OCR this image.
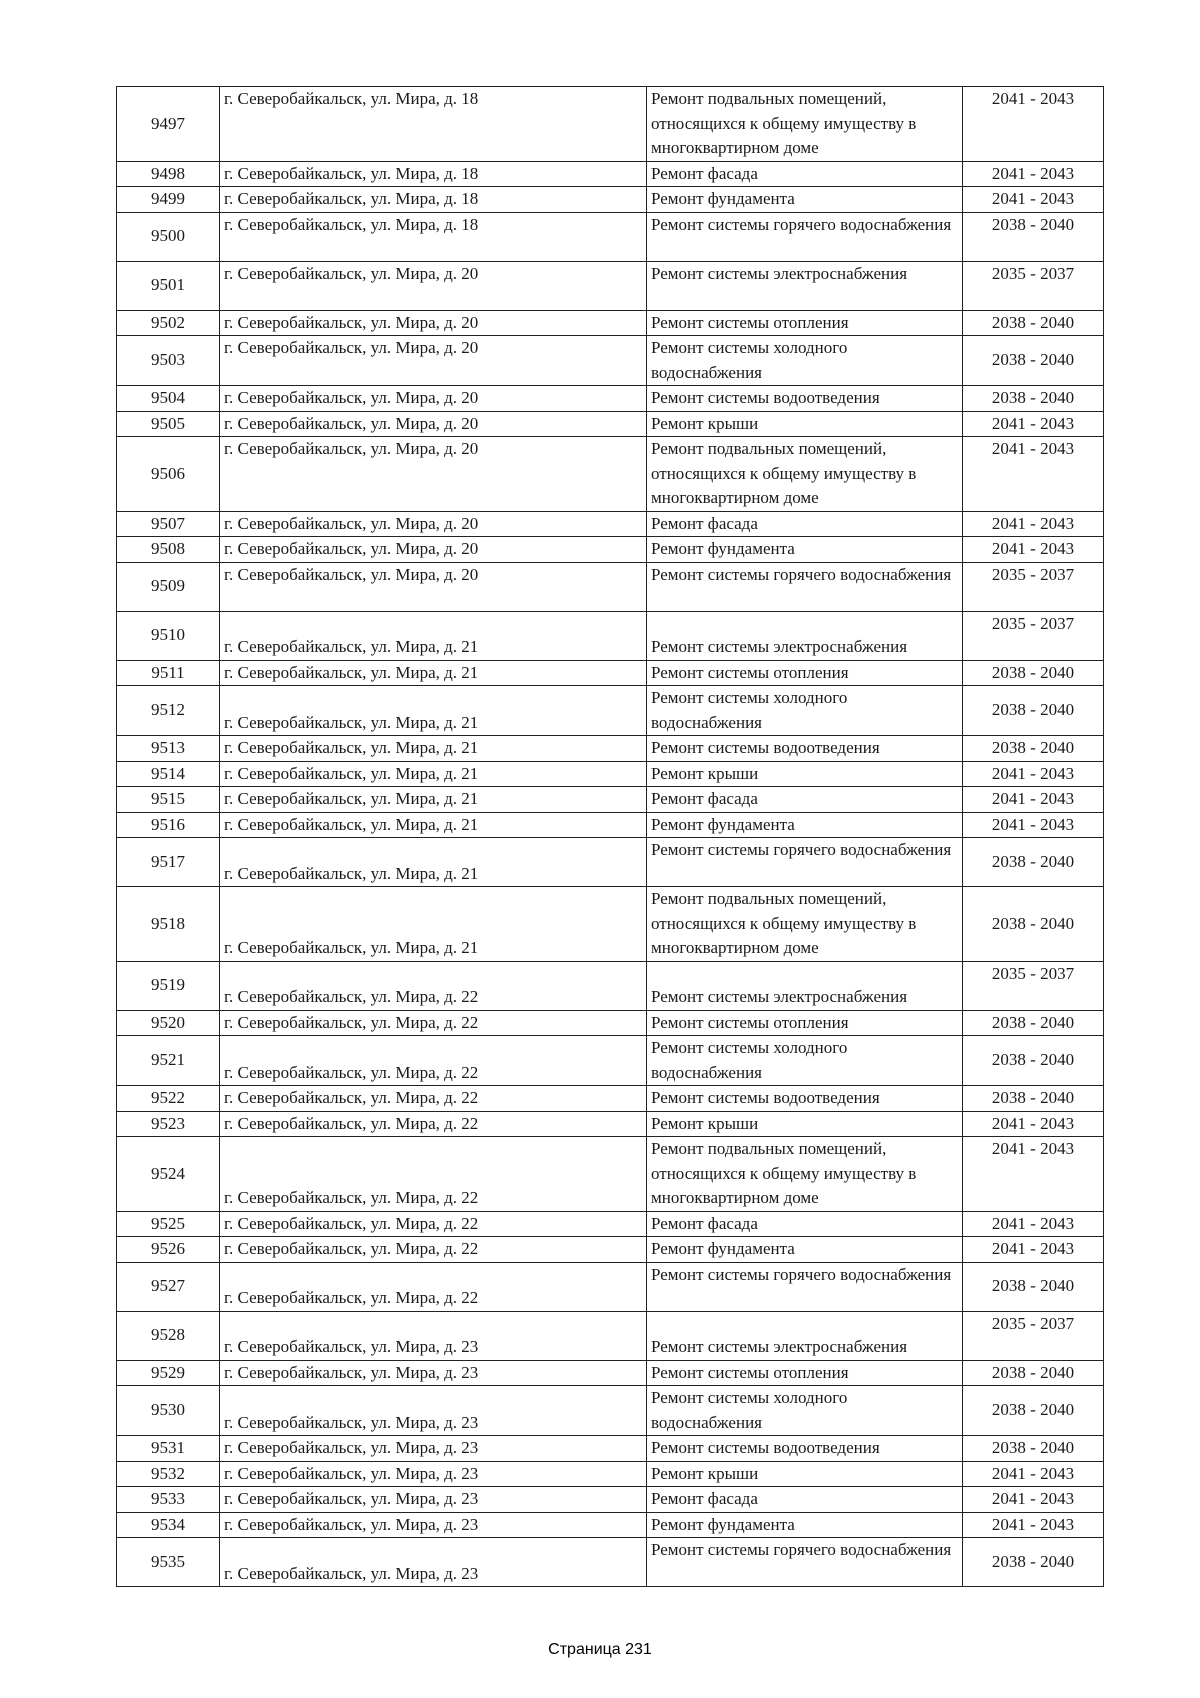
9497	г. Северобайкальск, ул. Мира, д. 18	Ремонт подвальных помещений, относящихся к общему имуществу в многоквартирном доме	2041 - 2043
9498	г. Северобайкальск, ул. Мира, д. 18	Ремонт фасада	2041 - 2043
9499	г. Северобайкальск, ул. Мира, д. 18	Ремонт фундамента	2041 - 2043
9500	г. Северобайкальск, ул. Мира, д. 18	Ремонт системы горячего водоснабжения	2038 - 2040
9501	г. Северобайкальск, ул. Мира, д. 20	Ремонт системы электроснабжения	2035 - 2037
9502	г. Северобайкальск, ул. Мира, д. 20	Ремонт системы отопления	2038 - 2040
9503	г. Северобайкальск, ул. Мира, д. 20	Ремонт системы холодного водоснабжения	2038 - 2040
9504	г. Северобайкальск, ул. Мира, д. 20	Ремонт системы водоотведения	2038 - 2040
9505	г. Северобайкальск, ул. Мира, д. 20	Ремонт крыши	2041 - 2043
9506	г. Северобайкальск, ул. Мира, д. 20	Ремонт подвальных помещений, относящихся к общему имуществу в многоквартирном доме	2041 - 2043
9507	г. Северобайкальск, ул. Мира, д. 20	Ремонт фасада	2041 - 2043
9508	г. Северобайкальск, ул. Мира, д. 20	Ремонт фундамента	2041 - 2043
9509	г. Северобайкальск, ул. Мира, д. 20	Ремонт системы горячего водоснабжения	2035 - 2037
9510	г. Северобайкальск, ул. Мира, д. 21	Ремонт системы электроснабжения	2035 - 2037
9511	г. Северобайкальск, ул. Мира, д. 21	Ремонт системы отопления	2038 - 2040
9512	г. Северобайкальск, ул. Мира, д. 21	Ремонт системы холодного водоснабжения	2038 - 2040
9513	г. Северобайкальск, ул. Мира, д. 21	Ремонт системы водоотведения	2038 - 2040
9514	г. Северобайкальск, ул. Мира, д. 21	Ремонт крыши	2041 - 2043
9515	г. Северобайкальск, ул. Мира, д. 21	Ремонт фасада	2041 - 2043
9516	г. Северобайкальск, ул. Мира, д. 21	Ремонт фундамента	2041 - 2043
9517	г. Северобайкальск, ул. Мира, д. 21	Ремонт системы горячего водоснабжения	2038 - 2040
9518	г. Северобайкальск, ул. Мира, д. 21	Ремонт подвальных помещений, относящихся к общему имуществу в многоквартирном доме	2038 - 2040
9519	г. Северобайкальск, ул. Мира, д. 22	Ремонт системы электроснабжения	2035 - 2037
9520	г. Северобайкальск, ул. Мира, д. 22	Ремонт системы отопления	2038 - 2040
9521	г. Северобайкальск, ул. Мира, д. 22	Ремонт системы холодного водоснабжения	2038 - 2040
9522	г. Северобайкальск, ул. Мира, д. 22	Ремонт системы водоотведения	2038 - 2040
9523	г. Северобайкальск, ул. Мира, д. 22	Ремонт крыши	2041 - 2043
9524	г. Северобайкальск, ул. Мира, д. 22	Ремонт подвальных помещений, относящихся к общему имуществу в многоквартирном доме	2041 - 2043
9525	г. Северобайкальск, ул. Мира, д. 22	Ремонт фасада	2041 - 2043
9526	г. Северобайкальск, ул. Мира, д. 22	Ремонт фундамента	2041 - 2043
9527	г. Северобайкальск, ул. Мира, д. 22	Ремонт системы горячего водоснабжения	2038 - 2040
9528	г. Северобайкальск, ул. Мира, д. 23	Ремонт системы электроснабжения	2035 - 2037
9529	г. Северобайкальск, ул. Мира, д. 23	Ремонт системы отопления	2038 - 2040
9530	г. Северобайкальск, ул. Мира, д. 23	Ремонт системы холодного водоснабжения	2038 - 2040
9531	г. Северобайкальск, ул. Мира, д. 23	Ремонт системы водоотведения	2038 - 2040
9532	г. Северобайкальск, ул. Мира, д. 23	Ремонт крыши	2041 - 2043
9533	г. Северобайкальск, ул. Мира, д. 23	Ремонт фасада	2041 - 2043
9534	г. Северобайкальск, ул. Мира, д. 23	Ремонт фундамента	2041 - 2043
9535	г. Северобайкальск, ул. Мира, д. 23	Ремонт системы горячего водоснабжения	2038 - 2040
Страница 231
